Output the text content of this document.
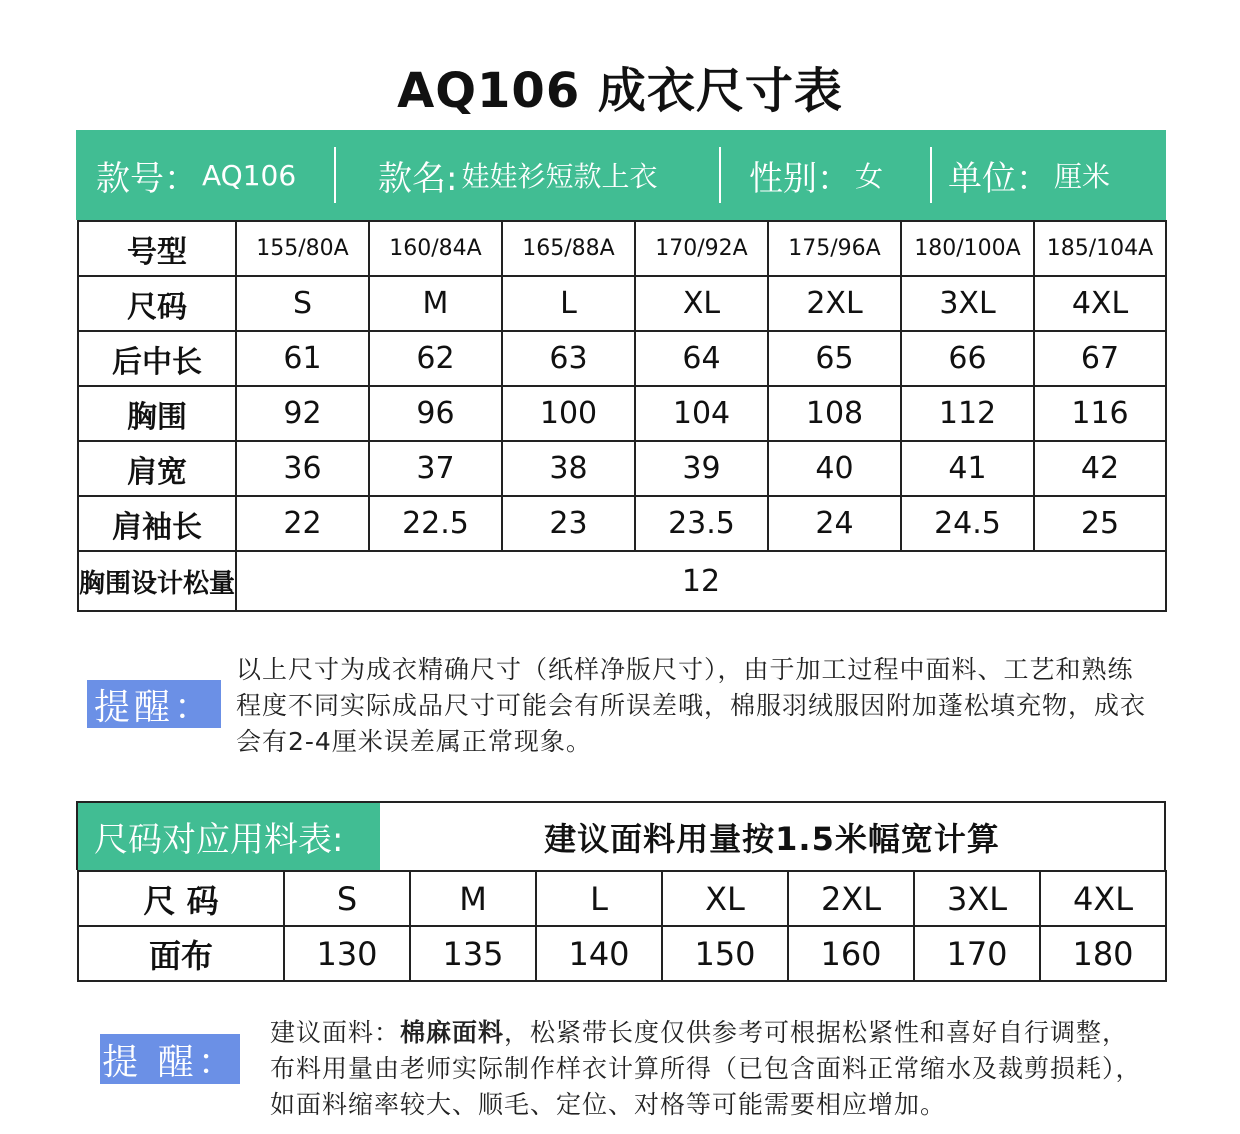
AQ106 成衣尺寸表
款号： AQ106 款名: 娃娃衫短款上衣	性别： 女 单位： 厘米
号型	155/80A	160/84A	165/88A	170/92A	175/96A	180/100A	185/104A
尺码	S	M	L	XL	2XL	3XL	4XL
后中长	61	62	63	64	65	66	67
胸围	92	96	100	104	108	112	116
肩宽	36	37	38	39	40	41	42
肩袖长	22	22.5	23	23.5	24	24.5	25
胸围设计松量	12						
提醒：
以上尺寸为成衣精确尺寸（纸样净版尺寸），由于加工过程中面料、工艺和熟练程度不同实际成品尺寸可能会有所误差哦，棉服羽绒服因附加蓬松填充物，成衣会有2-4厘米误差属正常现象。
尺码对应用料表:	建议面料用量按1.5米幅宽计算
尺 码	S	M	L	XL	2XL	3XL	4XL
面布	130	135	140	150	160	170	180
提 醒：
建议面料：棉麻面料，松紧带长度仅供参考可根据松紧性和喜好自行调整，布料用量由老师实际制作样衣计算所得（已包含面料正常缩水及裁剪损耗），如面料缩率较大、顺毛、定位、对格等可能需要相应增加。
